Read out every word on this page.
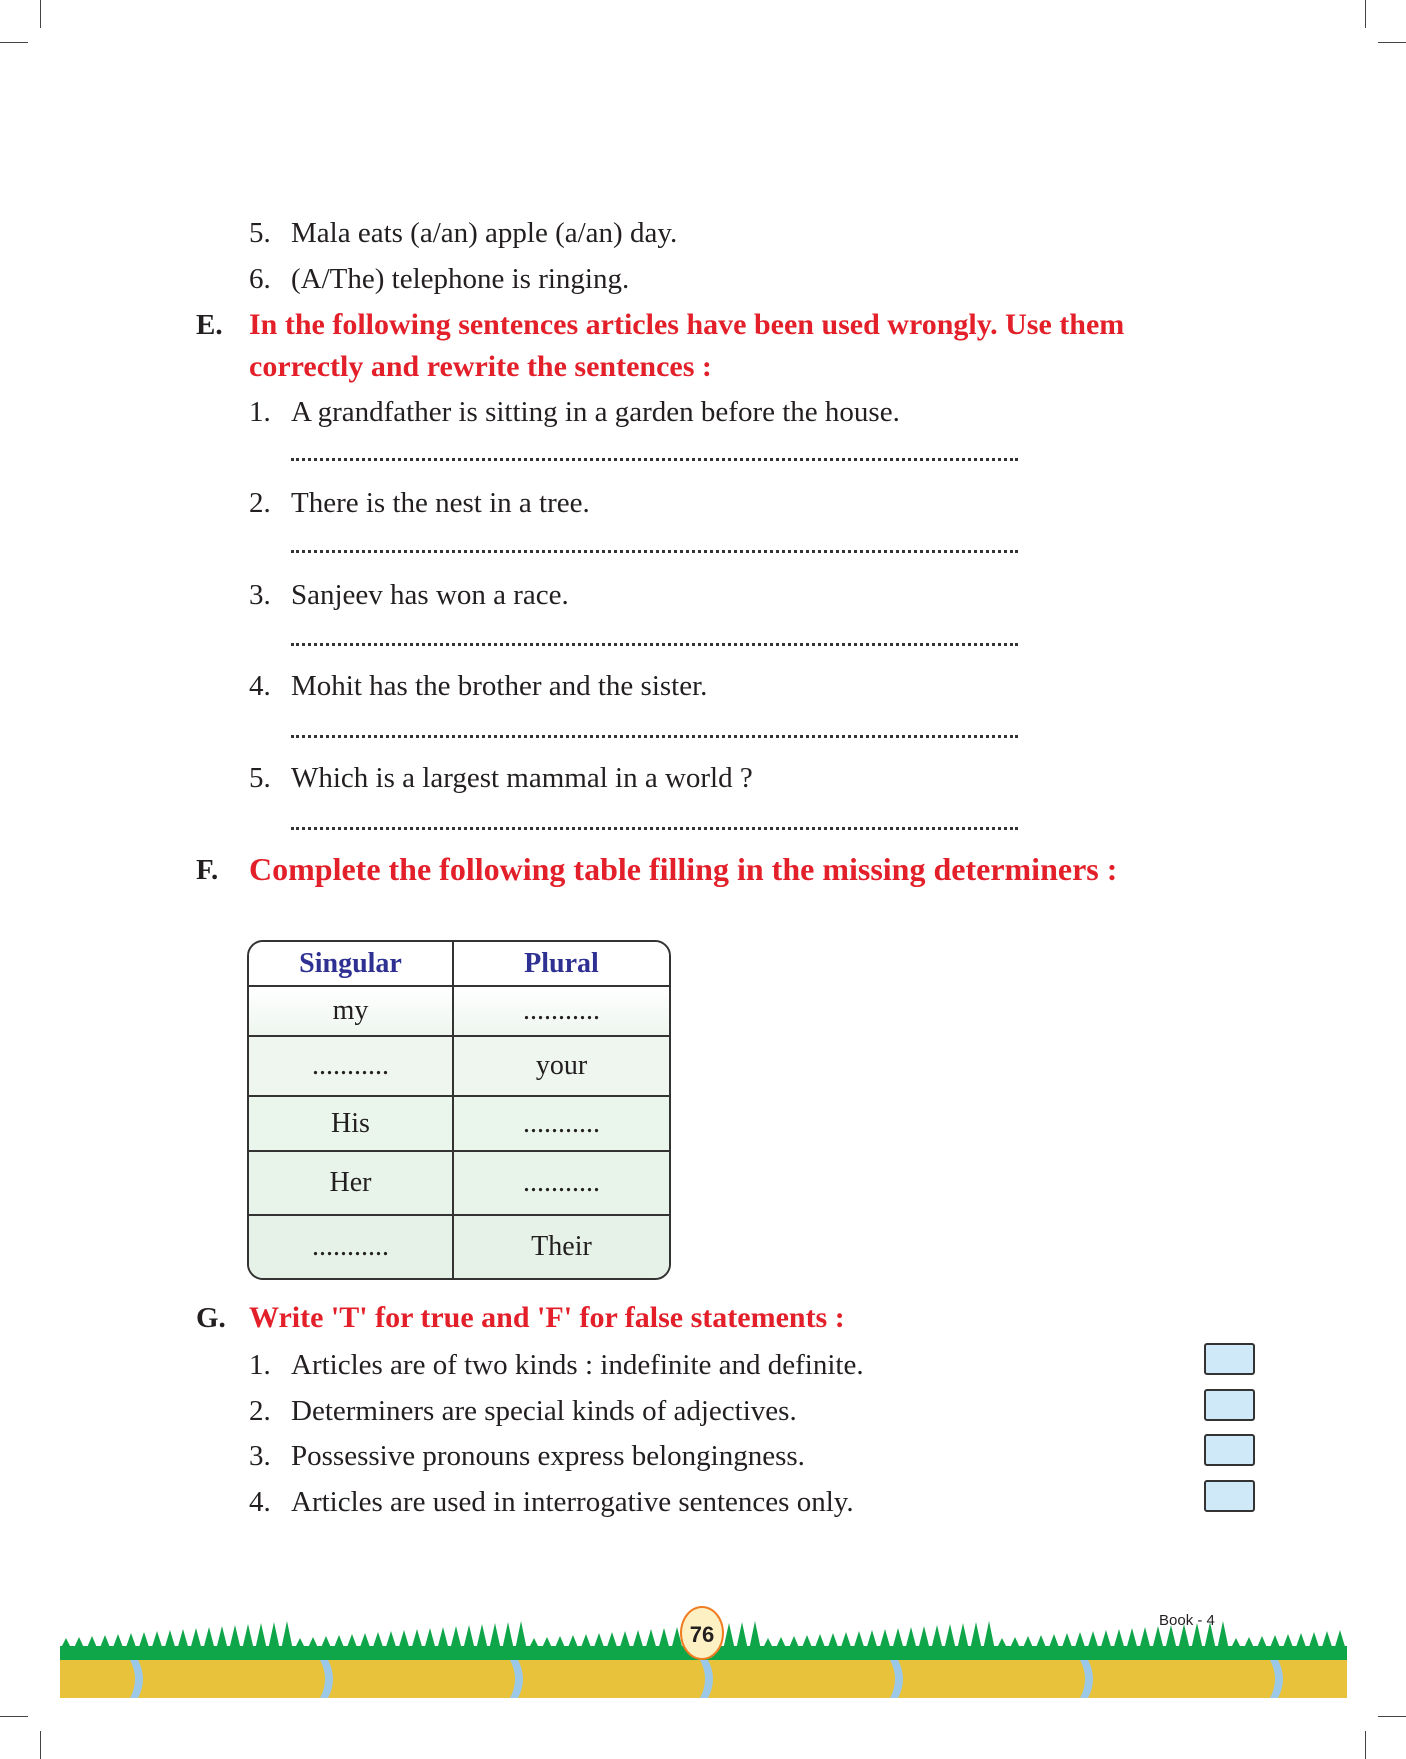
5. Mala eats (a/an) apple (a/an) day.
6. (A/The) telephone is ringing.
E. In the following sentences articles have been used wrongly. Use them
correctly and rewrite the sentences :
1. A grandfather is sitting in a garden before the house.
2. There is the nest in a tree.
3. Sanjeev has won a race.
4. Mohit has the brother and the sister.
5. Which is a largest mammal in a world ?
F. Complete the following table filling in the missing determiners :
Singular	Plural
my	...........
...........	your
His	...........
Her	...........
...........	Their
G. Write 'T' for true and 'F' for false statements :
1. Articles are of two kinds : indefinite and definite.
2. Determiners are special kinds of adjectives.
3. Possessive pronouns express belongingness.
4. Articles are used in interrogative sentences only.
76
Book - 4
